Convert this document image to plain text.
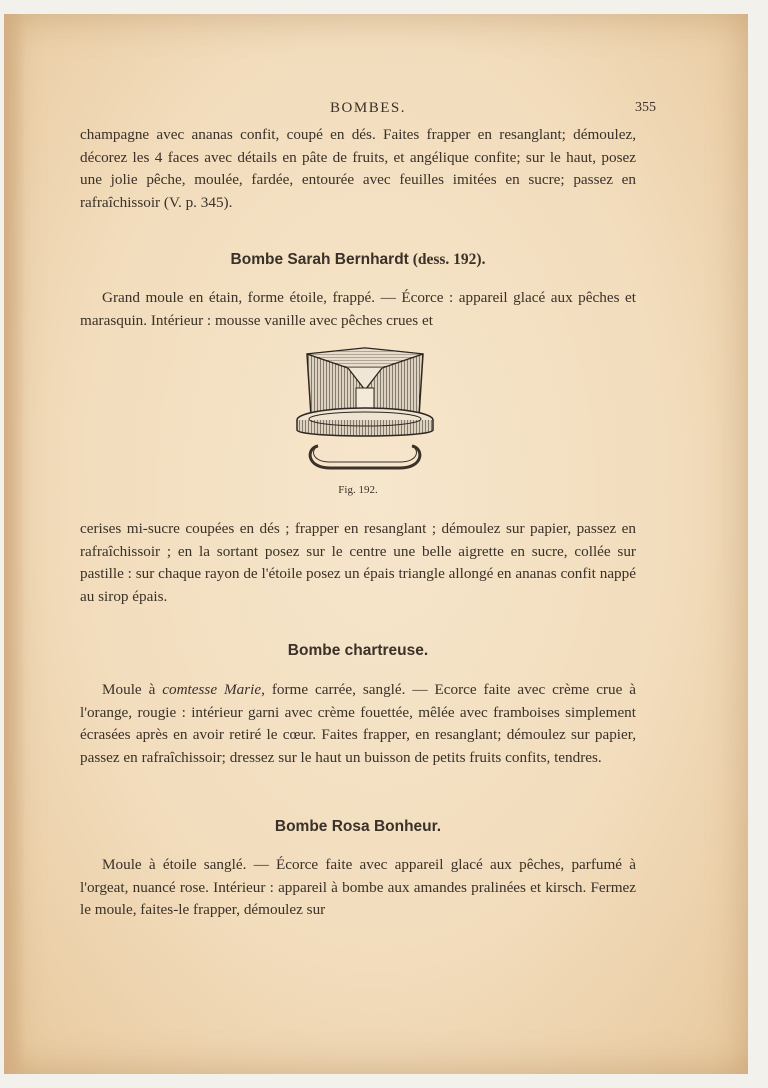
BOMBES.	355

champagne avec ananas confit, coupé en dés. Faites frapper en resanglant; démoulez, décorez les 4 faces avec détails en pâte de fruits, et angélique confite; sur le haut, posez une jolie pêche, moulée, fardée, entourée avec feuilles imitées en sucre; passez en rafraîchissoir (V. p. 345).

Bombe Sarah Bernhardt (dess. 192).

Grand moule en étain, forme étoile, frappé. — Écorce : appareil glacé aux pêches et marasquin. Intérieur : mousse vanille avec pêches crues et

Fig. 192.

cerises mi-sucre coupées en dés ; frapper en resanglant ; démoulez sur papier, passez en rafraîchissoir ; en la sortant posez sur le centre une belle aigrette en sucre, collée sur pastille : sur chaque rayon de l'étoile posez un épais triangle allongé en ananas confit nappé au sirop épais.

Bombe chartreuse.

Moule à comtesse Marie, forme carrée, sanglé. — Ecorce faite avec crème crue à l'orange, rougie : intérieur garni avec crème fouettée, mêlée avec framboises simplement écrasées après en avoir retiré le cœur. Faites frapper, en resanglant; démoulez sur papier, passez en rafraîchissoir; dressez sur le haut un buisson de petits fruits confits, tendres.

Bombe Rosa Bonheur.

Moule à étoile sanglé. — Écorce faite avec appareil glacé aux pêches, parfumé à l'orgeat, nuancé rose. Intérieur : appareil à bombe aux amandes pralinées et kirsch. Fermez le moule, faites-le frapper, démoulez sur
